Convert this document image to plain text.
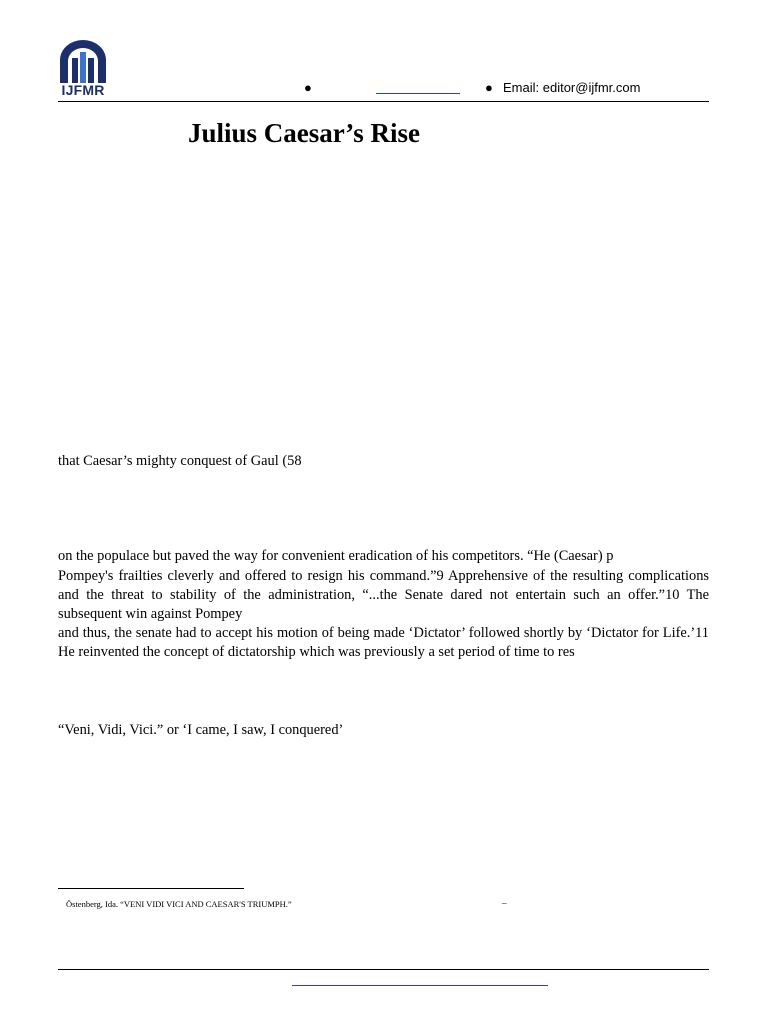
IJFMR	●	● Email: editor@ijfmr.com
Julius Caesar’s Rise

that Caesar’s mighty conquest of Gaul (58

on the populace but paved the way for convenient eradication of his competitors. “He (Caesar) p

Pompey's frailties cleverly and offered to resign his command.”9 Apprehensive of the resulting complications and the threat to stability of the administration, “...the Senate dared not entertain such an offer.”10 The subsequent win against Pompey

and thus, the senate had to accept his motion of being made ‘Dictator’ followed shortly by ‘Dictator for Life.’11 He reinvented the concept of dictatorship which was previously a set period of time to res

“Veni, Vidi, Vici.” or ‘I came, I saw, I conquered’

Östenberg, Ida. “VENI VIDI VICI AND CAESAR'S TRIUMPH.”	–
